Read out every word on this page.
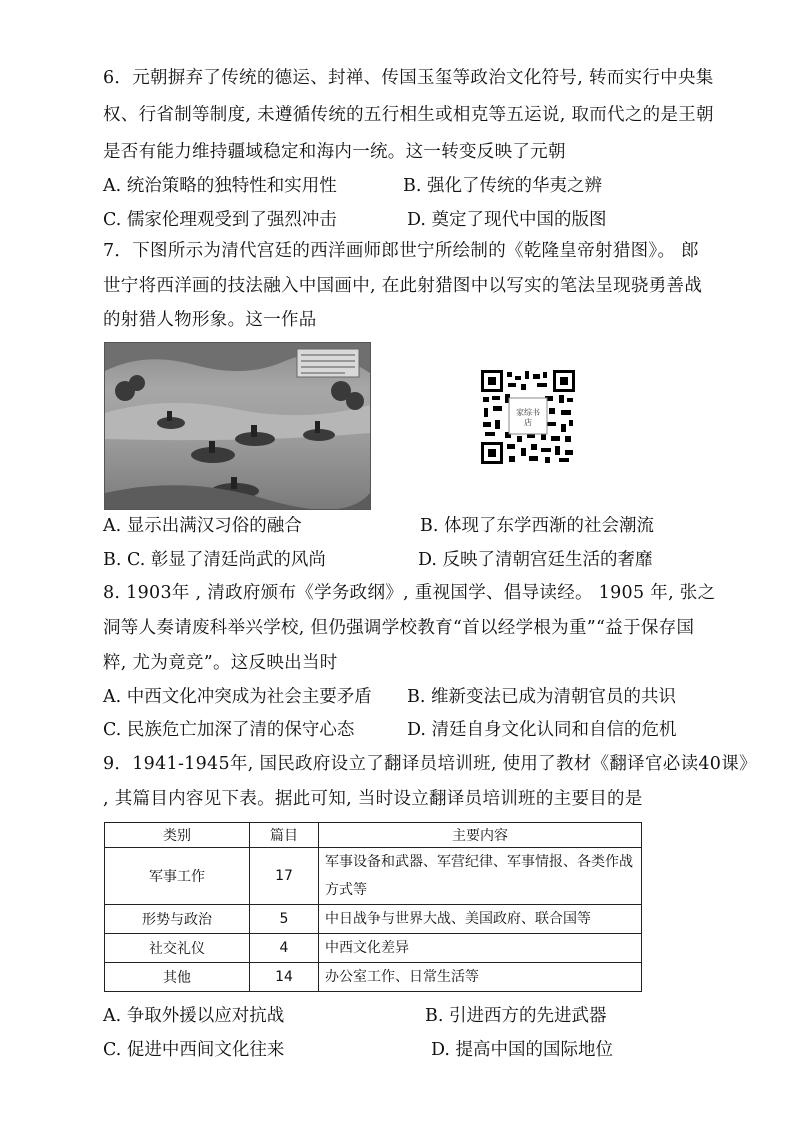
6．元朝摒弃了传统的德运、封禅、传国玉玺等政治文化符号, 转而实行中央集
权、行省制等制度, 未遵循传统的五行相生或相克等五运说, 取而代之的是王朝
是否有能力维持疆域稳定和海内一统。这一转变反映了元朝
A. 统治策略的独特性和实用性	B. 强化了传统的华夷之辨
C. 儒家伦理观受到了强烈冲击	D. 奠定了现代中国的版图
7．下图所示为清代宫廷的西洋画师郎世宁所绘制的《乾隆皇帝射猎图》。 郎
世宁将西洋画的技法融入中国画中, 在此射猎图中以写实的笔法呈现骁勇善战
的射猎人物形象。这一作品
家综书店
A. 显示出满汉习俗的融合	B. 体现了东学西渐的社会潮流
B. C. 彰显了清廷尚武的风尚	D. 反映了清朝宫廷生活的奢靡
8. 1903年 , 清政府颁布《学务政纲》, 重视国学、倡导读经。 1905 年, 张之
洞等人奏请废科举兴学校, 但仍强调学校教育“首以经学根为重”“益于保存国
粹, 尤为竟竞”。这反映出当时
A. 中西文化冲突成为社会主要矛盾 B. 维新变法已成为清朝官员的共识
C. 民族危亡加深了清的保守心态	D. 清廷自身文化认同和自信的危机
9．1941-1945年, 国民政府设立了翻译员培训班, 使用了教材《翻译官必读40课》
, 其篇目内容见下表。据此可知, 当时设立翻译员培训班的主要目的是
类别	篇目	主要内容
军事工作	17	军事设备和武器、军营纪律、军事情报、各类作战
方式等

形势与政治	5	中日战争与世界大战、美国政府、联合国等
社交礼仪	4	中西文化差异
其他	14	办公室工作、日常生活等
A. 争取外援以应对抗战	B. 引进西方的先进武器
C. 促进中西间文化往来	D. 提高中国的国际地位
